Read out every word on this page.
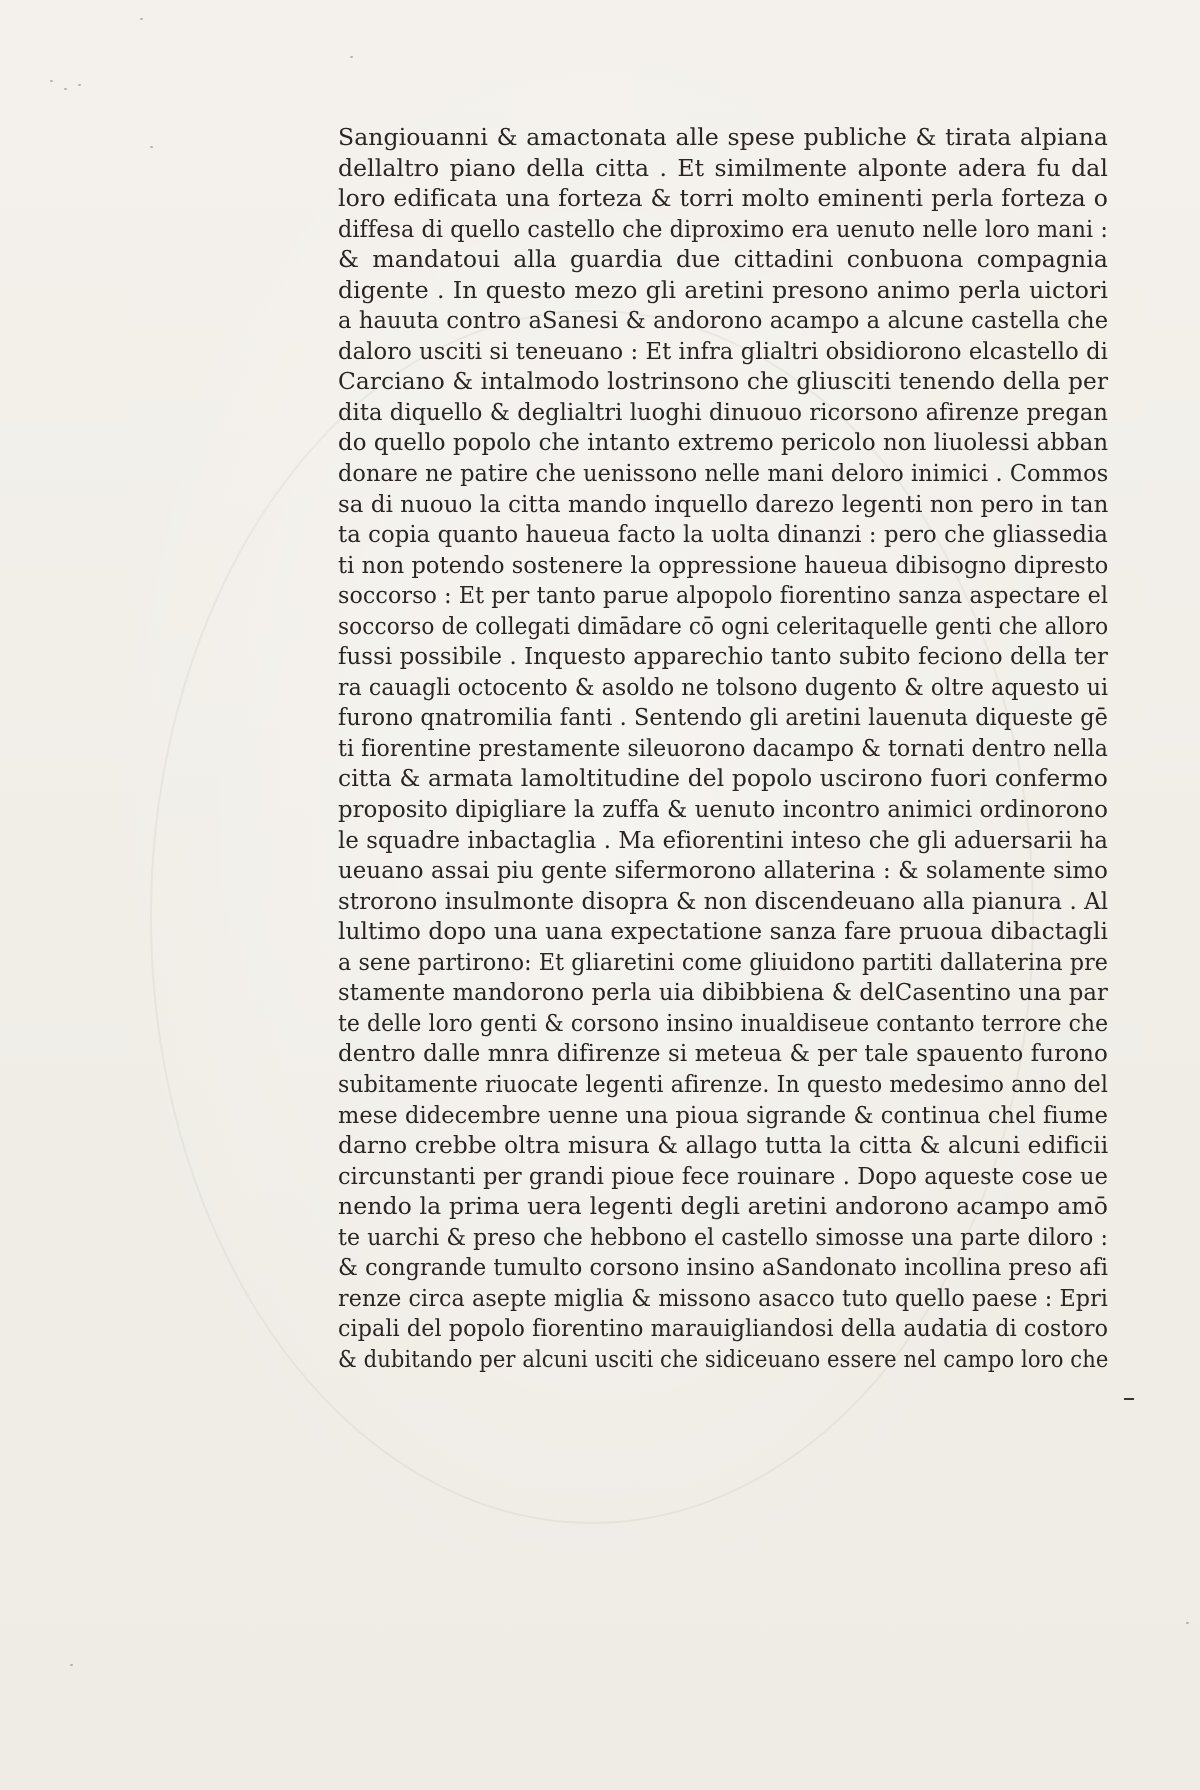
Sangiouanni & amactonata alle spese publiche & tirata alpiana
dellaltro piano della citta . Et similmente alponte adera fu dal
loro edificata una forteza & torri molto eminenti perla forteza o
diffesa di quello castello che diproximo era uenuto nelle loro mani :
& mandatoui alla guardia due cittadini conbuona compagnia
digente . In questo mezo gli aretini presono animo perla uictori
a hauuta contro aSanesi & andorono acampo a alcune castella che
daloro usciti si teneuano : Et infra glialtri obsidiorono elcastello di
Carciano & intalmodo lostrinsono che gliusciti tenendo della per
dita diquello & deglialtri luoghi dinuouo ricorsono afirenze pregan
do quello popolo che intanto extremo pericolo non liuolessi abban
donare ne patire che uenissono nelle mani deloro inimici . Commos
sa di nuouo la citta mando inquello darezo legenti non pero in tan
ta copia quanto haueua facto la uolta dinanzi : pero che gliassedia
ti non potendo sostenere la oppressione haueua dibisogno dipresto
soccorso : Et per tanto parue alpopolo fiorentino sanza aspectare el
soccorso de collegati dimādare cō ogni celeritaquelle genti che alloro
fussi possibile . Inquesto apparechio tanto subito feciono della ter
ra cauagli octocento & asoldo ne tolsono dugento & oltre aquesto ui
furono qnatromilia fanti . Sentendo gli aretini lauenuta diqueste gē
ti fiorentine prestamente sileuorono dacampo & tornati dentro nella
citta & armata lamoltitudine del popolo uscirono fuori confermo
proposito dipigliare la zuffa & uenuto incontro animici ordinorono
le squadre inbactaglia . Ma efiorentini inteso che gli aduersarii ha
ueuano assai piu gente sifermorono allaterina : & solamente simo
strorono insulmonte disopra & non discendeuano alla pianura . Al
lultimo dopo una uana expectatione sanza fare pruoua dibactagli
a sene partirono: Et gliaretini come gliuidono partiti dallaterina pre
stamente mandorono perla uia dibibbiena & delCasentino una par
te delle loro genti & corsono insino inualdiseue contanto terrore che
dentro dalle mnra difirenze si meteua & per tale spauento furono
subitamente riuocate legenti afirenze. In questo medesimo anno del
mese didecembre uenne una pioua sigrande & continua chel fiume
darno crebbe oltra misura & allago tutta la citta & alcuni edificii
circunstanti per grandi pioue fece rouinare . Dopo aqueste cose ue
nendo la prima uera legenti degli aretini andorono acampo amō
te uarchi & preso che hebbono el castello simosse una parte diloro :
& congrande tumulto corsono insino aSandonato incollina preso afi
renze circa asepte miglia & missono asacco tuto quello paese : Epri
cipali del popolo fiorentino marauigliandosi della audatia di costoro
& dubitando per alcuni usciti che sidiceuano essere nel campo loro che
